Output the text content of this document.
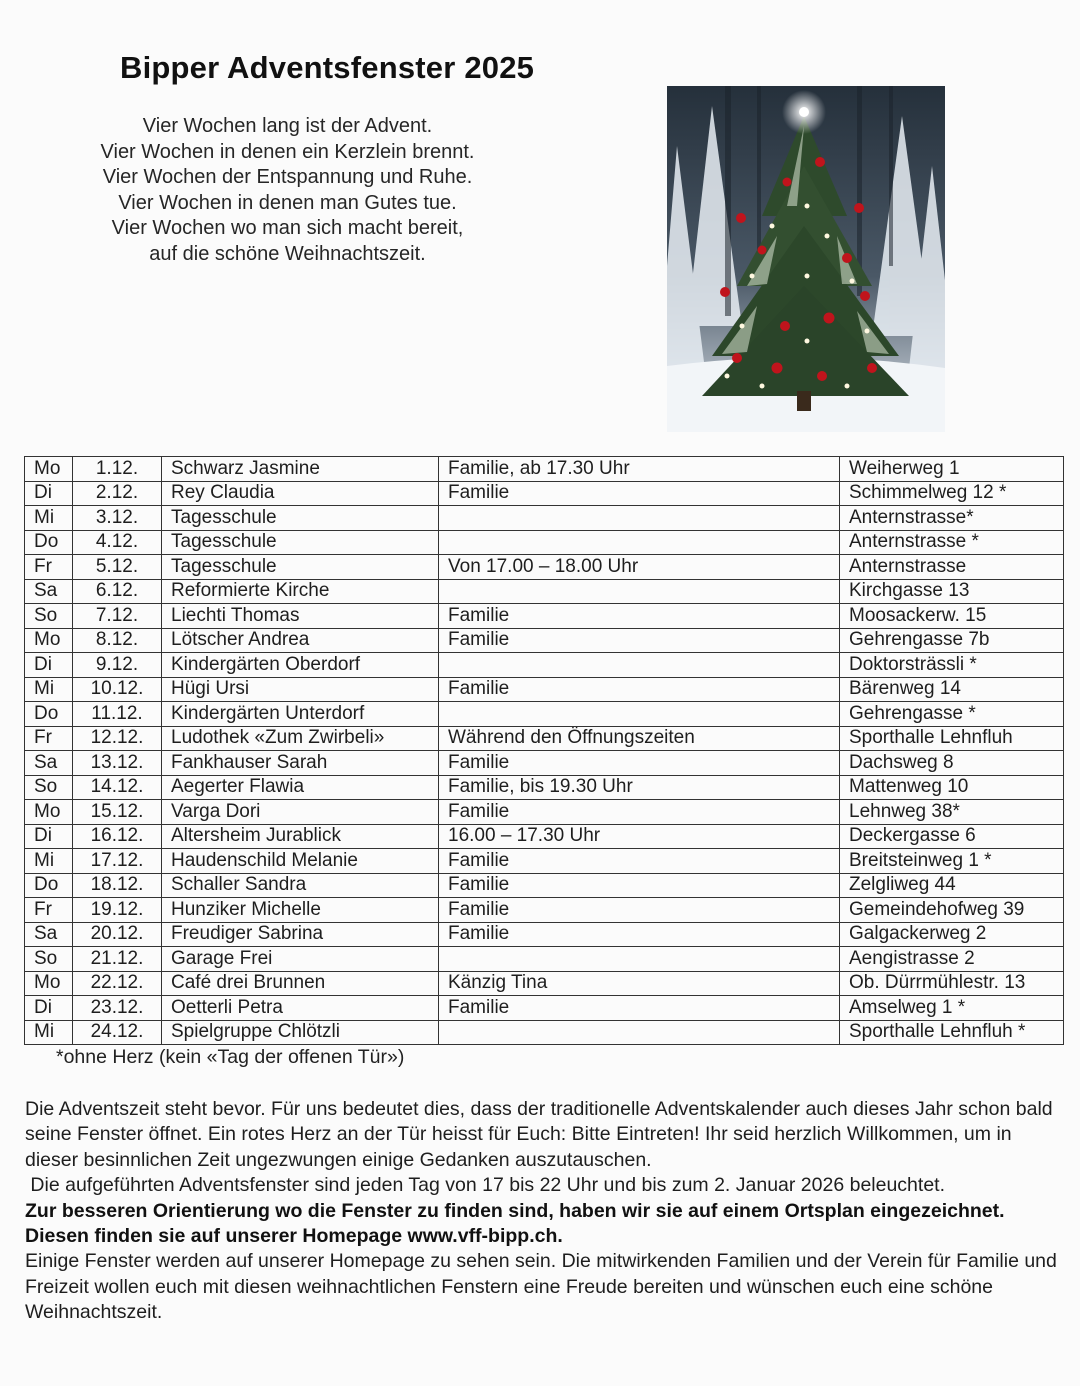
Bipper Adventsfenster 2025
Vier Wochen lang ist der Advent.
Vier Wochen in denen ein Kerzlein brennt.
Vier Wochen der Entspannung und Ruhe.
Vier Wochen in denen man Gutes tue.
Vier Wochen wo man sich macht bereit,
auf die schöne Weihnachtszeit.
Mo	1.12.	Schwarz Jasmine	Familie, ab 17.30 Uhr	Weiherweg 1
Di	2.12.	Rey Claudia	Familie	Schimmelweg 12 *
Mi	3.12.	Tagesschule		Anternstrasse*
Do	4.12.	Tagesschule		Anternstrasse *
Fr	5.12.	Tagesschule	Von 17.00 – 18.00 Uhr	Anternstrasse
Sa	6.12.	Reformierte Kirche		Kirchgasse 13
So	7.12.	Liechti Thomas	Familie	Moosackerw. 15
Mo	8.12.	Lötscher Andrea	Familie	Gehrengasse 7b
Di	9.12.	Kindergärten Oberdorf		Doktorsträssli *
Mi	10.12.	Hügi Ursi	Familie	Bärenweg 14
Do	11.12.	Kindergärten Unterdorf		Gehrengasse *
Fr	12.12.	Ludothek «Zum Zwirbeli»	Während den Öffnungszeiten	Sporthalle Lehnfluh
Sa	13.12.	Fankhauser Sarah	Familie	Dachsweg 8
So	14.12.	Aegerter Flawia	Familie, bis 19.30 Uhr	Mattenweg 10
Mo	15.12.	Varga Dori	Familie	Lehnweg 38*
Di	16.12.	Altersheim Jurablick	16.00 – 17.30 Uhr	Deckergasse 6
Mi	17.12.	Haudenschild Melanie	Familie	Breitsteinweg 1 *
Do	18.12.	Schaller Sandra	Familie	Zelgliweg 44
Fr	19.12.	Hunziker Michelle	Familie	Gemeindehofweg 39
Sa	20.12.	Freudiger Sabrina	Familie	Galgackerweg 2
So	21.12.	Garage Frei		Aengistrasse 2
Mo	22.12.	Café drei Brunnen	Känzig Tina	Ob. Dürrmühlestr. 13
Di	23.12.	Oetterli Petra	Familie	Amselweg 1 *
Mi	24.12.	Spielgruppe Chlötzli		Sporthalle Lehnfluh *
*ohne Herz (kein «Tag der offenen Tür»)

Die Adventszeit steht bevor. Für uns bedeutet dies, dass der traditionelle Adventskalender auch dieses Jahr schon bald seine Fenster öffnet. Ein rotes Herz an der Tür heisst für Euch: Bitte Eintreten! Ihr seid herzlich Willkommen, um in dieser besinnlichen Zeit ungezwungen einige Gedanken auszutauschen.

Die aufgeführten Adventsfenster sind jeden Tag von 17 bis 22 Uhr und bis zum 2. Januar 2026 beleuchtet.

Zur besseren Orientierung wo die Fenster zu finden sind, haben wir sie auf einem Ortsplan eingezeichnet. Diesen finden sie auf unserer Homepage www.vff-bipp.ch.

Einige Fenster werden auf unserer Homepage zu sehen sein. Die mitwirkenden Familien und der Verein für Familie und Freizeit wollen euch mit diesen weihnachtlichen Fenstern eine Freude bereiten und wünschen euch eine schöne Weihnachtszeit.
